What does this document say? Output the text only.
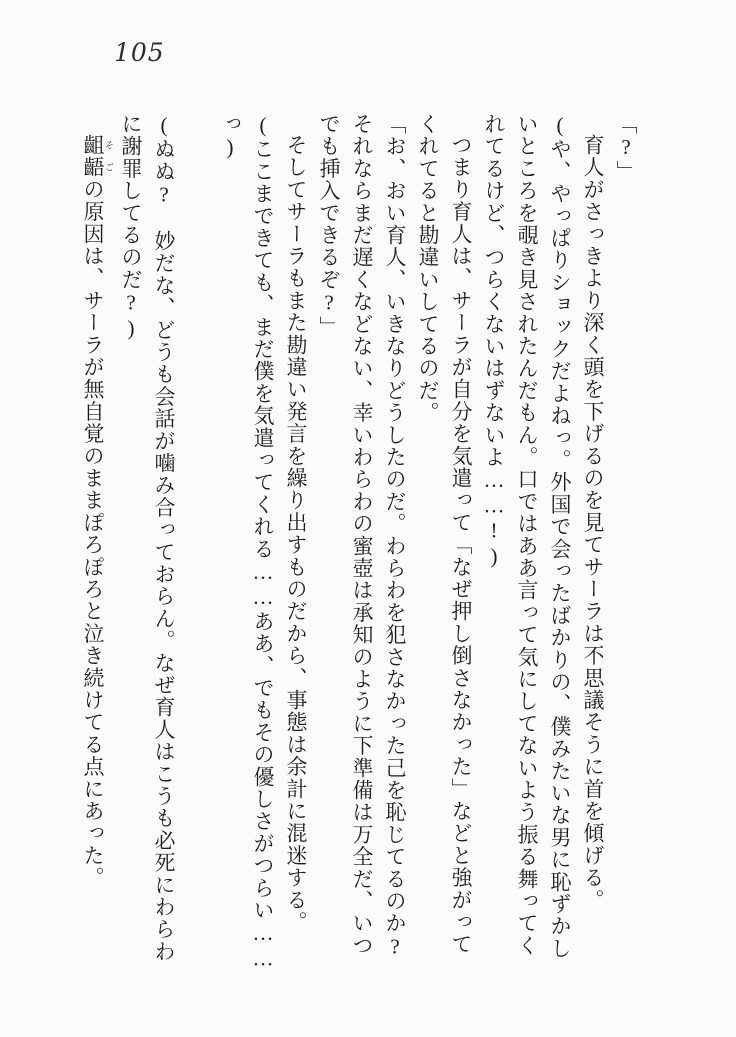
105
「?」
育人がさっきより深く頭を下げるのを見てサーラは不思議そうに首を傾げる。
(や、やっぱりショックだよねっ。外国で会ったばかりの、僕みたいな男に恥ずかし
いところを覗き見されたんだもん。口ではああ言って気にしてないよう振る舞ってく
れてるけど、つらくないはずないよ……!)
つまり育人は、サーラが自分を気遣って「なぜ押し倒さなかった」などと強がって
くれてると勘違いしてるのだ。
「お、おい育人、いきなりどうしたのだ。わらわを犯さなかった己を恥じてるのか?
それならまだ遅くなどない、幸いわらわの蜜壺は承知のように下準備は万全だ、いつ
でも挿入できるぞ?」
そしてサーラもまた勘違い発言を繰り出すものだから、事態は余計に混迷する。
(ここまできても、まだ僕を気遣ってくれる……ああ、でもその優しさがつらい……
っ)
(ぬぬ?　妙だな、どうも会話が噛み合っておらん。なぜ育人はこうも必死にわらわ
に謝罪してるのだ?)
齟齬 そごの原因は、サーラが無自覚のままぽろぽろと泣き続けてる点にあった。
